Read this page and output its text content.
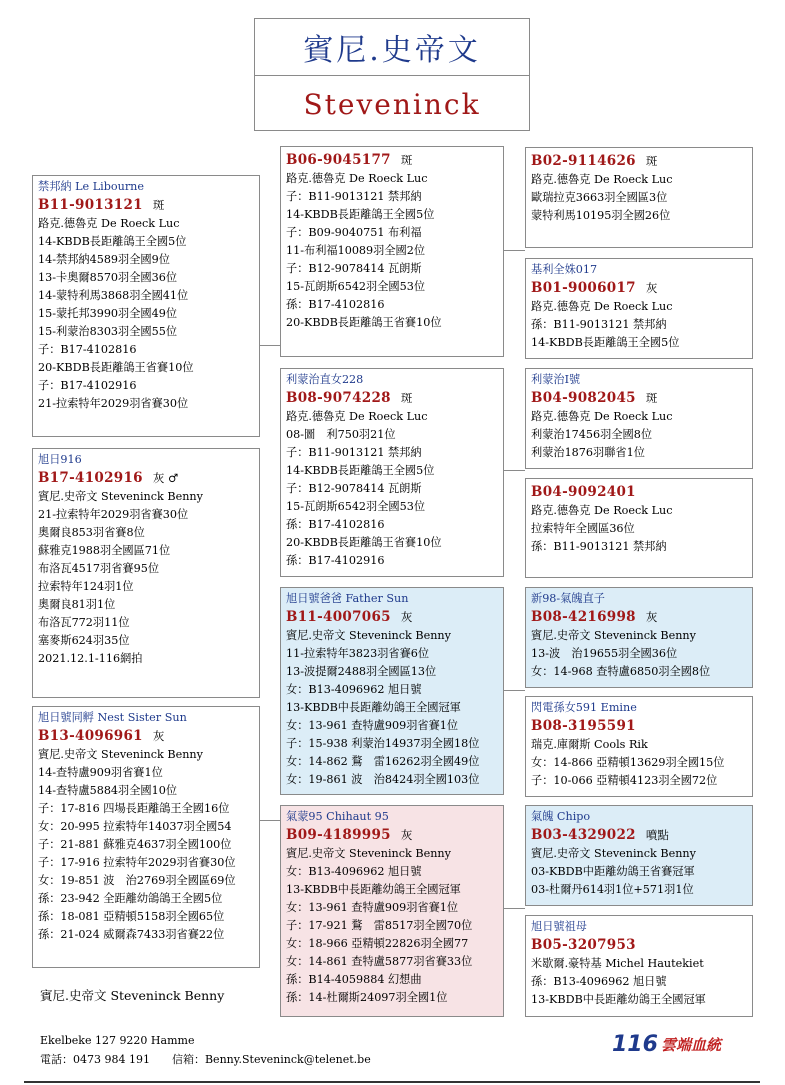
賓尼.史帝文
Steveninck
禁邦納 Le Libourne
B11-9013121 斑
路克.德魯克 De Roeck Luc
14-KBDB長距離鴿王全國5位
14-禁邦納4589羽全國9位
13-卡奧爾8570羽全國36位
14-蒙特利馬3868羽全國41位
15-蒙托邦3990羽全國49位
15-利蒙治8303羽全國55位
子：B17-4102816
20-KBDB長距離鴿王省賽10位
子：B17-4102916
21-拉索特年2029羽省賽30位
旭日916
B17-4102916 灰 ♂
賓尼.史帝文 Steveninck Benny
21-拉索特年2029羽省賽30位
奧爾良853羽省賽8位
蘇雅克1988羽全國區71位
布洛瓦4517羽省賽95位
拉索特年124羽1位
奧爾良81羽1位
布洛瓦772羽11位
塞麥斯624羽35位
2021.12.1-116網拍
旭日號同孵 Nest Sister Sun
B13-4096961 灰
賓尼.史帝文 Steveninck Benny
14-查特盧909羽省賽1位
14-查特盧5884羽全國10位
子：17-816 四場長距離鴿王全國16位
女：20-995 拉索特年14037羽全國54
子：21-881 蘇雅克4637羽全國100位
子：17-916 拉索特年2029羽省賽30位
女：19-851 波　治2769羽全國區69位
孫：23-942 全距離幼鴿鴿王全國5位
孫：18-081 亞精頓5158羽全國65位
孫：21-024 威爾森7433羽省賽22位
B06-9045177 斑
路克.德魯克 De Roeck Luc
子：B11-9013121 禁邦納
14-KBDB長距離鴿王全國5位
子：B09-9040751 布利福
11-布利福10089羽全國2位
子：B12-9078414 瓦朗斯
15-瓦朗斯6542羽全國53位
孫：B17-4102816
20-KBDB長距離鴿王省賽10位
利蒙治直女228
B08-9074228 斑
路克.德魯克 De Roeck Luc
08-圖　利750羽21位
子：B11-9013121 禁邦納
14-KBDB長距離鴿王全國5位
子：B12-9078414 瓦朗斯
15-瓦朗斯6542羽全國53位
孫：B17-4102816
20-KBDB長距離鴿王省賽10位
孫：B17-4102916
旭日號爸爸 Father Sun
B11-4007065 灰
賓尼.史帝文 Steveninck Benny
11-拉索特年3823羽省賽6位
13-波提爾2488羽全國區13位
女：B13-4096962 旭日號
13-KBDB中長距離幼鴿王全國冠軍
女：13-961 查特盧909羽省賽1位
子：15-938 利蒙治14937羽全國18位
女：14-862 鶩　雷16262羽全國49位
女：19-861 波　治8424羽全國103位
氣蒙95 Chihaut 95
B09-4189995 灰
賓尼.史帝文 Steveninck Benny
女：B13-4096962 旭日號
13-KBDB中長距離幼鴿王全國冠軍
女：13-961 查特盧909羽省賽1位
子：17-921 鶩　雷8517羽全國70位
女：18-966 亞精頓22826羽全國77
女：14-861 查特盧5877羽省賽33位
孫：B14-4059884 幻想曲
孫：14-杜爾斯24097羽全國1位
B02-9114626 斑
路克.德魯克 De Roeck Luc
歐瑞拉克3663羽全國區3位
蒙特利馬10195羽全國26位
基利全姝017
B01-9006017 灰
路克.德魯克 De Roeck Luc
孫：B11-9013121 禁邦納
14-KBDB長距離鴿王全國5位
利蒙治Ⅰ號
B04-9082045 斑
路克.德魯克 De Roeck Luc
利蒙治17456羽全國8位
利蒙治1876羽聯省1位
B04-9092401
路克.德魯克 De Roeck Luc
拉索特年全國區36位
孫：B11-9013121 禁邦納
新98-氣魄直子
B08-4216998 灰
賓尼.史帝文 Steveninck Benny
13-波　治19655羽全國36位
女：14-968 查特盧6850羽全國8位
閃電孫女591 Emine
B08-3195591
瑞克.庫爾斯 Cools Rik
女：14-866 亞精頓13629羽全國15位
子：10-066 亞精頓4123羽全國72位
氣魄 Chipo
B03-4329022 噴點
賓尼.史帝文 Steveninck Benny
03-KBDB中距離幼鴿王省賽冠軍
03-杜爾丹614羽1位+571羽1位
旭日號祖母
B05-3207953
米歇爾.豪特基 Michel Hautekiet
孫：B13-4096962 旭日號
13-KBDB中長距離幼鴿王全國冠軍
賓尼.史帝文 Steveninck Benny
Ekelbeke 127 9220 Hamme
電話：0473 984 191　　信箱：Benny.Steveninck@telenet.be
116 雲端血統
